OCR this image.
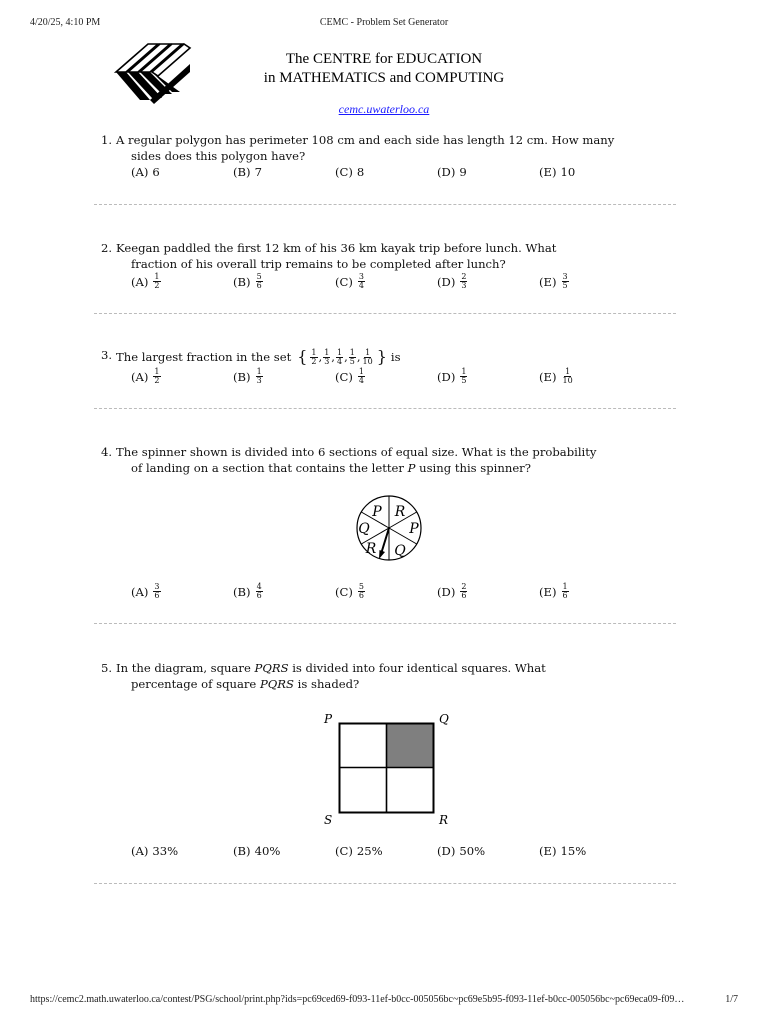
4/20/25, 4:10 PM	CEMC - Problem Set Generator
https://cemc2.math.uwaterloo.ca/contest/PSG/school/print.php?ids=pc69ced69-f093-11ef-b0cc-005056bc~pc69e5b95-f093-11ef-b0cc-005056bc~pc69eca09-f09…	1/7
The CENTRE for EDUCATION
in MATHEMATICS and COMPUTING
cemc.uwaterloo.ca
1. A regular polygon has perimeter 108 cm and each side has length 12 cm. How many
sides does this polygon have?
(A) 6	(B) 7	(C) 8	(D) 9	(E) 10
2. Keegan paddled the first 12 km of his 36 km kayak trip before lunch. What
fraction of his overall trip remains to be completed after lunch?
$(A) \frac{1}{2}$	$(B) \frac{5}{6}$	$(C) \frac{3}{4}$	$(D) \frac{2}{3}$	$(E) \frac{3}{5}$
3. The largest fraction in the set { $\frac{1}{2}$ , $\frac{1}{3}$ , $\frac{1}{4}$ , $\frac{1}{5}$ , $\frac{1}{10}$ } is
$(A) \frac{1}{2}$	$(B) \frac{1}{3}$	$(C) \frac{1}{4}$	$(D) \frac{1}{5}$	$(E) \frac{1}{10}$
4. The spinner shown is divided into 6 sections of equal size. What is the probability
of landing on a section that contains the letter P using this spinner?
P R
P
Q
R Q
$(A) \frac{3}{6}$	$(B) \frac{4}{6}$	$(C) \frac{5}{6}$	$(D) \frac{2}{6}$	$(E) \frac{1}{6}$
5. In the diagram, square PQRS is divided into four identical squares. What
percentage of square PQRS is shaded?
P	Q
R
S
(A) 33%	(B) 40%	(C) 25%	(D) 50%	(E) 15%
